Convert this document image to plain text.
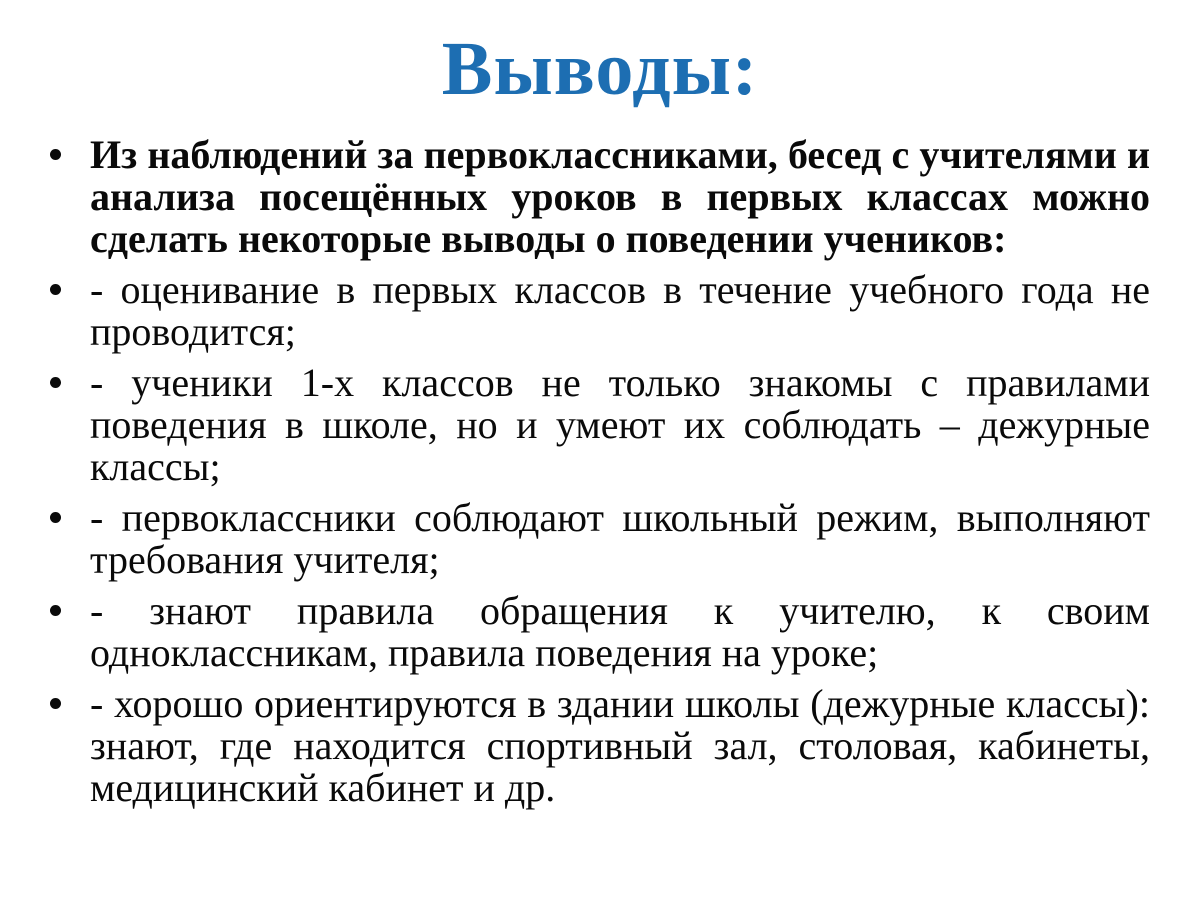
Выводы:
Из наблюдений за первоклассниками, бесед с учителями и анализа посещённых уроков в первых классах можно сделать некоторые выводы о поведении учеников:
- оценивание в первых классов в течение учебного года не проводится;
- ученики 1-х классов не только знакомы с правилами поведения в школе, но и умеют их соблюдать – дежурные классы;
- первоклассники соблюдают школьный режим, выполняют требования учителя;
- знают правила обращения к учителю, к своим одноклассникам, правила поведения на уроке;
- хорошо ориентируются в здании школы (дежурные классы): знают, где находится спортивный зал, столовая, кабинеты, медицинский кабинет и др.
